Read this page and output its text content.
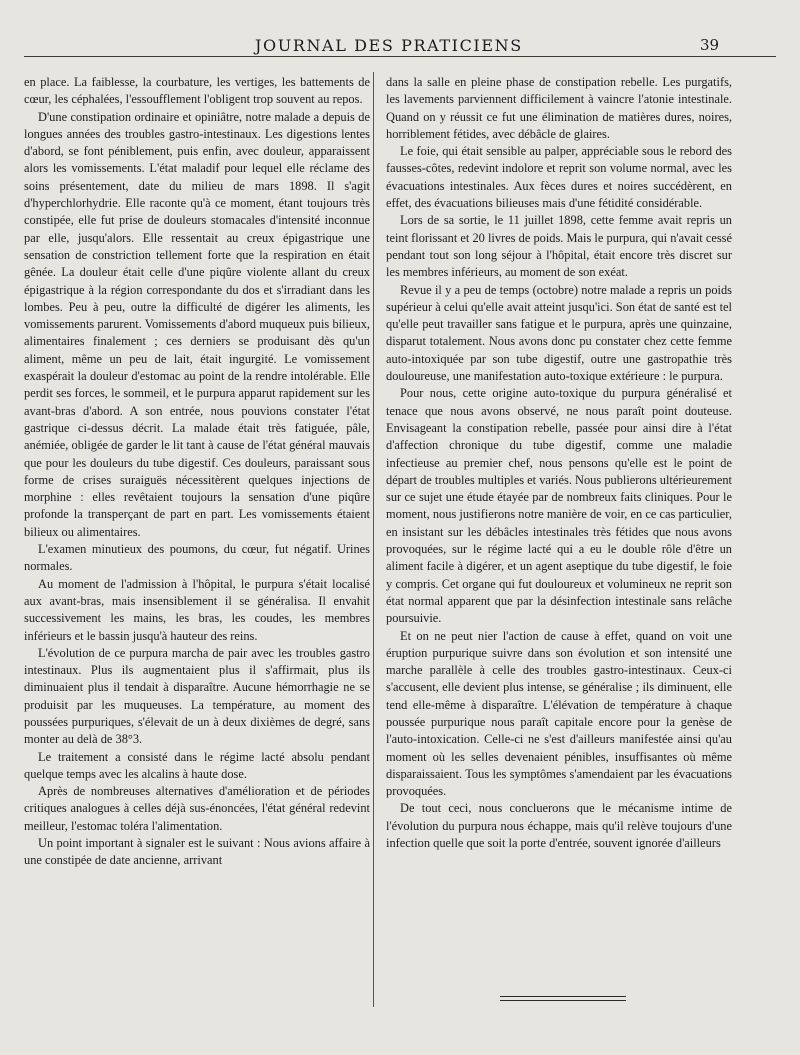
JOURNAL DES PRATICIENS	39

en place. La faiblesse, la courbature, les vertiges, les battements de cœur, les céphalées, l'essoufflement l'obligent trop souvent au repos.

D'une constipation ordinaire et opiniâtre, notre malade a depuis de longues années des troubles gastro-intestinaux. Les digestions lentes d'abord, se font péniblement, puis enfin, avec douleur, apparaissent alors les vomissements. L'état maladif pour lequel elle réclame des soins présentement, date du milieu de mars 1898. Il s'agit d'hyperchlorhydrie. Elle raconte qu'à ce moment, étant toujours très constipée, elle fut prise de douleurs stomacales d'intensité inconnue par elle, jusqu'alors. Elle ressentait au creux épigastrique une sensation de constriction tellement forte que la respiration en était gênée. La douleur était celle d'une piqûre violente allant du creux épigastrique à la région correspondante du dos et s'irradiant dans les lombes. Peu à peu, outre la difficulté de digérer les aliments, les vomissements parurent. Vomissements d'abord muqueux puis bilieux, alimentaires finalement ; ces derniers se produisant dès qu'un aliment, même un peu de lait, était ingurgité. Le vomissement exaspérait la douleur d'estomac au point de la rendre intolérable. Elle perdit ses forces, le sommeil, et le purpura apparut rapidement sur les avant-bras d'abord. A son entrée, nous pouvions constater l'état gastrique ci-dessus décrit. La malade était très fatiguée, pâle, anémiée, obligée de garder le lit tant à cause de l'état général mauvais que pour les douleurs du tube digestif. Ces douleurs, paraissant sous forme de crises suraiguës nécessitèrent quelques injections de morphine : elles revêtaient toujours la sensation d'une piqûre profonde la transperçant de part en part. Les vomissements étaient bilieux ou alimentaires.

L'examen minutieux des poumons, du cœur, fut négatif. Urines normales.

Au moment de l'admission à l'hôpital, le purpura s'était localisé aux avant-bras, mais insensiblement il se généralisa. Il envahit successivement les mains, les bras, les coudes, les membres inférieurs et le bassin jusqu'à hauteur des reins.

L'évolution de ce purpura marcha de pair avec les troubles gastro intestinaux. Plus ils augmentaient plus il s'affirmait, plus ils diminuaient plus il tendait à disparaître. Aucune hémorrhagie ne se produisit par les muqueuses. La température, au moment des poussées purpuriques, s'élevait de un à deux dixièmes de degré, sans monter au delà de 38°3.

Le traitement a consisté dans le régime lacté absolu pendant quelque temps avec les alcalins à haute dose.

Après de nombreuses alternatives d'amélioration et de périodes critiques analogues à celles déjà sus-énoncées, l'état général redevint meilleur, l'estomac toléra l'alimentation.

Un point important à signaler est le suivant : Nous avions affaire à une constipée de date ancienne, arrivant

dans la salle en pleine phase de constipation rebelle. Les purgatifs, les lavements parviennent difficilement à vaincre l'atonie intestinale. Quand on y réussit ce fut une élimination de matières dures, noires, horriblement fétides, avec débâcle de glaires.

Le foie, qui était sensible au palper, appréciable sous le rebord des fausses-côtes, redevint indolore et reprit son volume normal, avec les évacuations intestinales. Aux fèces dures et noires succédèrent, en effet, des évacuations bilieuses mais d'une fétidité considérable.

Lors de sa sortie, le 11 juillet 1898, cette femme avait repris un teint florissant et 20 livres de poids. Mais le purpura, qui n'avait cessé pendant tout son long séjour à l'hôpital, était encore très discret sur les membres inférieurs, au moment de son exéat.

Revue il y a peu de temps (octobre) notre malade a repris un poids supérieur à celui qu'elle avait atteint jusqu'ici. Son état de santé est tel qu'elle peut travailler sans fatigue et le purpura, après une quinzaine, disparut totalement. Nous avons donc pu constater chez cette femme auto-intoxiquée par son tube digestif, outre une gastropathie très douloureuse, une manifestation auto-toxique extérieure : le purpura.

Pour nous, cette origine auto-toxique du purpura généralisé et tenace que nous avons observé, ne nous paraît point douteuse. Envisageant la constipation rebelle, passée pour ainsi dire à l'état d'affection chronique du tube digestif, comme une maladie infectieuse au premier chef, nous pensons qu'elle est le point de départ de troubles multiples et variés. Nous publierons ultérieurement sur ce sujet une étude étayée par de nombreux faits cliniques. Pour le moment, nous justifierons notre manière de voir, en ce cas particulier, en insistant sur les débâcles intestinales très fétides que nous avons provoquées, sur le régime lacté qui a eu le double rôle d'être un aliment facile à digérer, et un agent aseptique du tube digestif, le foie y compris. Cet organe qui fut douloureux et volumineux ne reprit son état normal apparent que par la désinfection intestinale sans relâche poursuivie.

Et on ne peut nier l'action de cause à effet, quand on voit une éruption purpurique suivre dans son évolution et son intensité une marche parallèle à celle des troubles gastro-intestinaux. Ceux-ci s'accusent, elle devient plus intense, se généralise ; ils diminuent, elle tend elle-même à disparaître. L'élévation de température à chaque poussée purpurique nous paraît capitale encore pour la genèse de l'auto-intoxication. Celle-ci ne s'est d'ailleurs manifestée ainsi qu'au moment où les selles devenaient pénibles, insuffisantes où même disparaissaient. Tous les symptômes s'amendaient par les évacuations provoquées.

De tout ceci, nous concluerons que le mécanisme intime de l'évolution du purpura nous échappe, mais qu'il relève toujours d'une infection quelle que soit la porte d'entrée, souvent ignorée d'ailleurs
